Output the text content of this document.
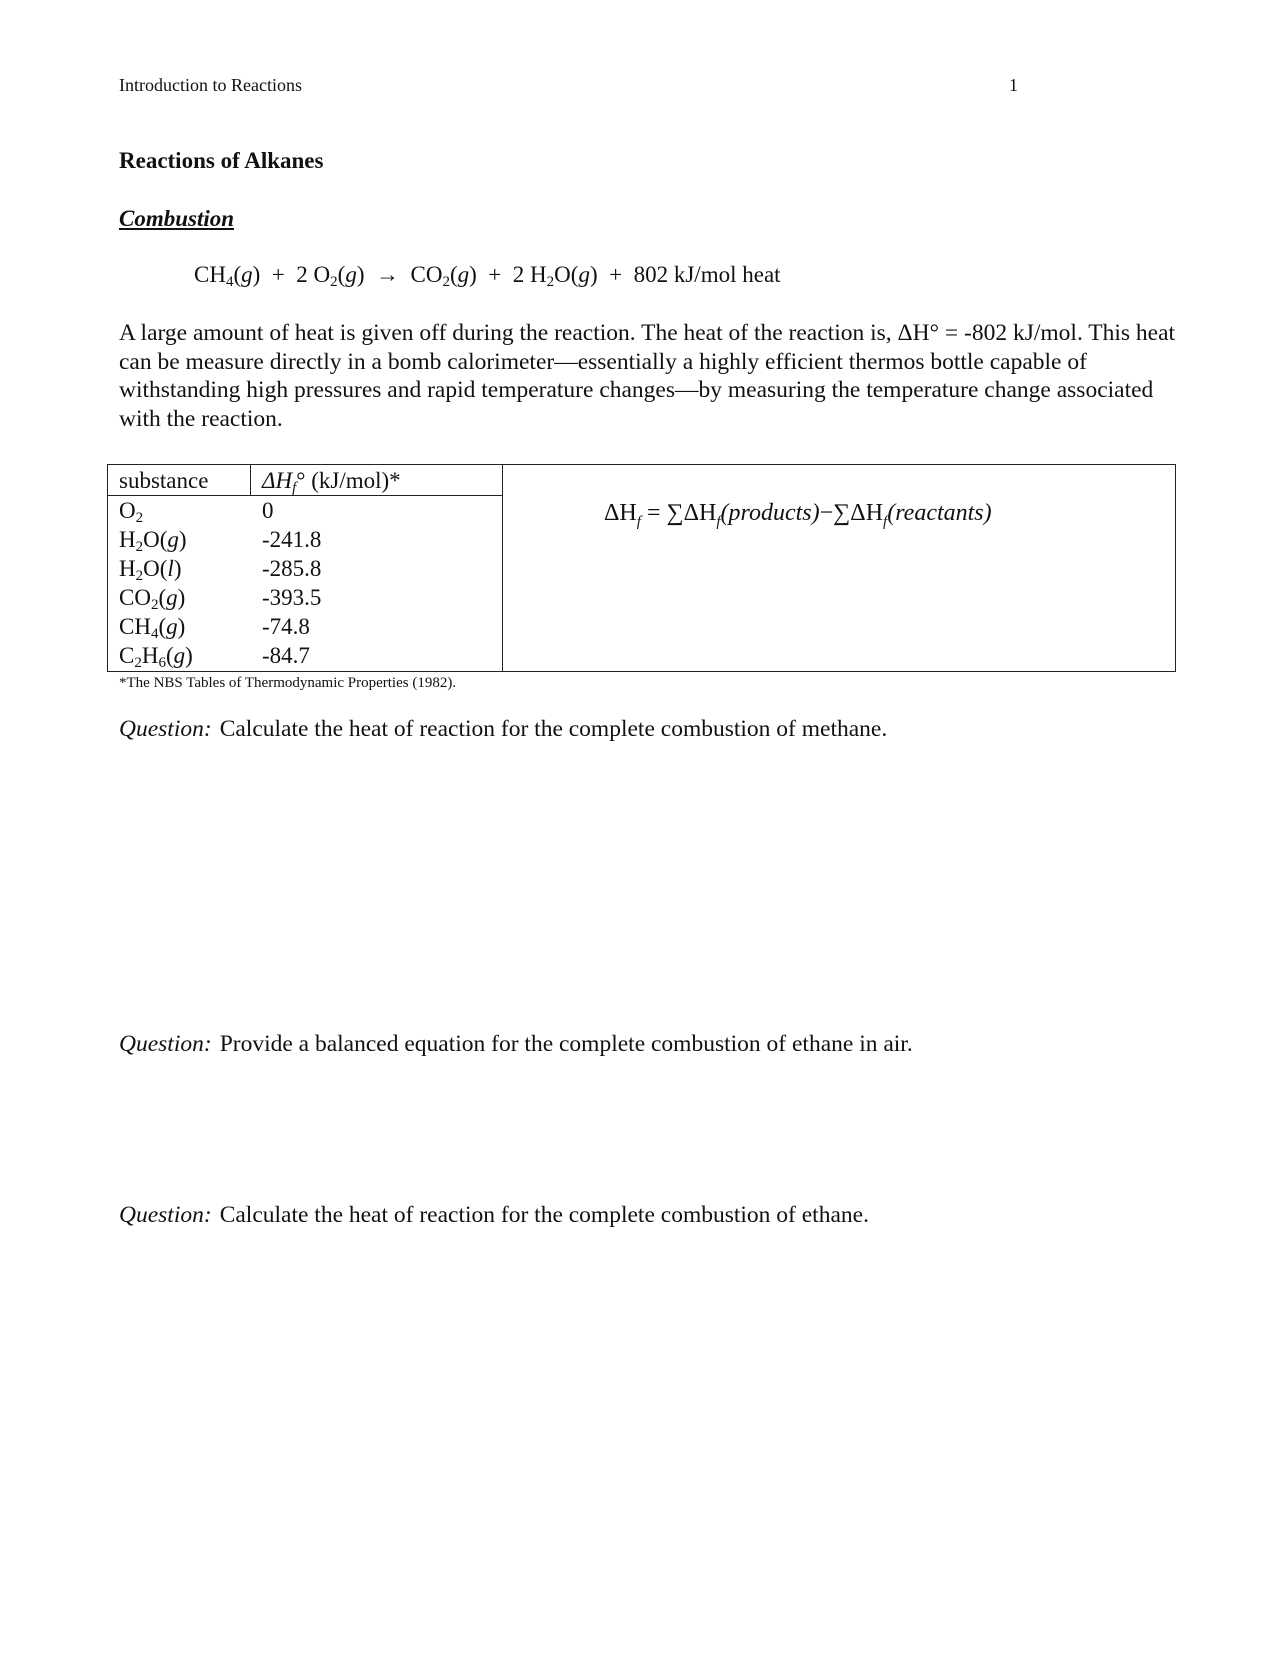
Introduction to Reactions	1
Reactions of Alkanes
Combustion
$CH_4(g) + 2$ $O_2(g) \to CO_2(g) + 2$ $H_2O(g) + 802$ kJ/mol heat

A large amount of heat is given off during the reaction. The heat of the reaction is, ΔH° = -802 kJ/mol. This heat can be measure directly in a bomb calorimeter—essentially a highly efficient thermos bottle capable of withstanding high pressures and rapid temperature changes—by measuring the temperature change associated with the reaction.

substance $\Delta H_f^\circ$ (kJ/mol)*
$O_2$	0
$H_2O(g)$	-241.8
$H_2O(l)$	-285.8
$CO_2(g)$	-393.5
$CH_4(g)$	-74.8
$C_2H_6(g)$	-84.7
$\Delta H_f$ = $\sum\Delta H_f(products)-\sum\Delta H_f(reactants)$
*The NBS Tables of Thermodynamic Properties (1982).
Question: Calculate the heat of reaction for the complete combustion of methane.
Question: Provide a balanced equation for the complete combustion of ethane in air.
Question: Calculate the heat of reaction for the complete combustion of ethane.
